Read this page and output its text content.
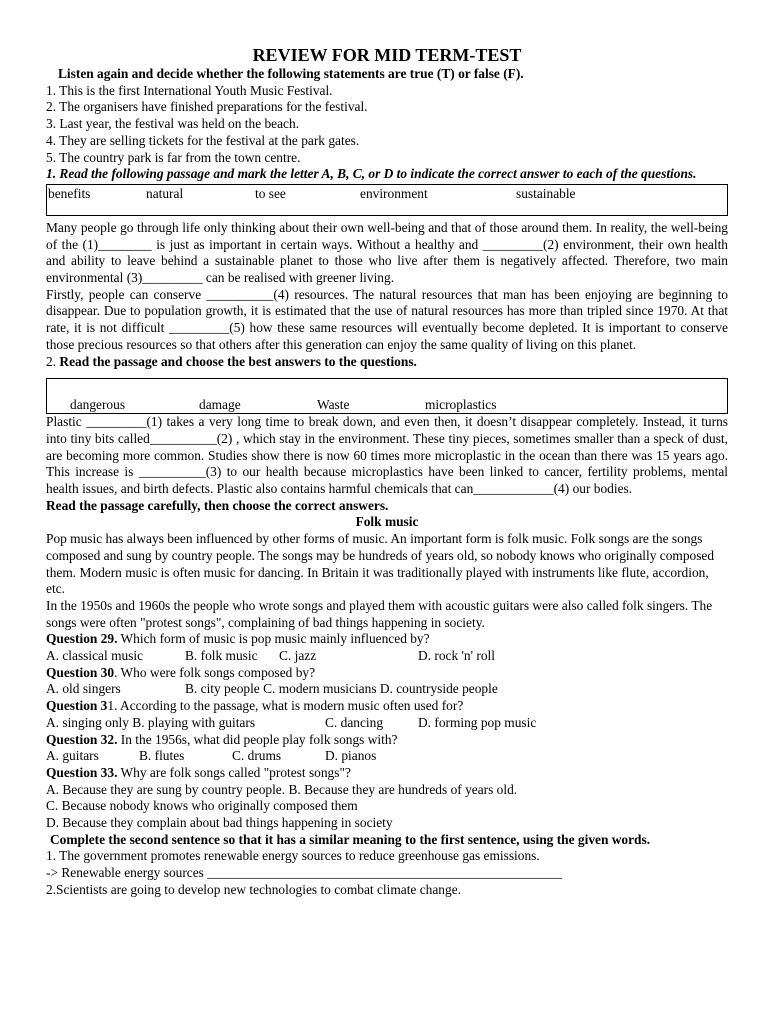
REVIEW FOR MID TERM-TEST
Listen again and decide whether the following statements are true (T) or false (F).
1. This is the first International Youth Music Festival.
2. The organisers have finished preparations for the festival.
3. Last year, the festival was held on the beach.
4. They are selling tickets for the festival at the park gates.
5. The country park is far from the town centre.
1. Read the following passage and mark the letter A, B, C, or D to indicate the correct answer to each of the questions.
benefits	natural	to see	environment	sustainable
Many people go through life only thinking about their own well-being and that of those around them. In reality, the well-being of the (1)________ is just as important in certain ways. Without a healthy and _________(2) environment, their own health and ability to leave behind a sustainable planet to those who live after them is negatively affected. Therefore, two main environmental (3)_________ can be realised with greener living.
Firstly, people can conserve __________(4) resources. The natural resources that man has been enjoying are beginning to disappear. Due to population growth, it is estimated that the use of natural resources has more than tripled since 1970. At that rate, it is not difficult _________(5) how these same resources will eventually become depleted. It is important to conserve those precious resources so that others after this generation can enjoy the same quality of living on this planet.
2. Read the passage and choose the best answers to the questions.
dangerous	damage	Waste	microplastics
Plastic _________(1) takes a very long time to break down, and even then, it doesn’t disappear completely. Instead, it turns into tiny bits called__________(2) , which stay in the environment. These tiny pieces, sometimes smaller than a speck of dust, are becoming more common. Studies show there is now 60 times more microplastic in the ocean than there was 15 years ago. This increase is __________(3) to our health because microplastics have been linked to cancer, fertility problems, mental health issues, and birth defects. Plastic also contains harmful chemicals that can____________(4) our bodies.
Read the passage carefully, then choose the correct answers.
Folk music
Pop music has always been influenced by other forms of music. An important form is folk music. Folk songs are the songs composed and sung by country people. The songs may be hundreds of years old, so nobody knows who originally composed them. Modern music is often music for dancing. In Britain it was traditionally played with instruments like flute, accordion, etc.
In the 1950s and 1960s the people who wrote songs and played them with acoustic guitars were also called folk singers. The songs were often "protest songs", complaining of bad things happening in society.
Question 29. Which form of music is pop music mainly influenced by?
A. classical music	B. folk music C. jazz	D. rock 'n' roll
Question 30. Who were folk songs composed by?
A. old singers	B. city people C. modern musicians D. countryside people
Question 31. According to the passage, what is modern music often used for?
A. singing only B. playing with guitars	C. dancing	D. forming pop music
Question 32. In the 1956s, what did people play folk songs with?
A. guitars	B. flutes	C. drums	D. pianos
Question 33. Why are folk songs called "protest songs"?
A. Because they are sung by country people. B. Because they are hundreds of years old.
C. Because nobody knows who originally composed them
D. Because they complain about bad things happening in society
Complete the second sentence so that it has a similar meaning to the first sentence, using the given words.
1. The government promotes renewable energy sources to reduce greenhouse gas emissions.
-> Renewable energy sources _____________________________________________________
2.Scientists are going to develop new technologies to combat climate change.
